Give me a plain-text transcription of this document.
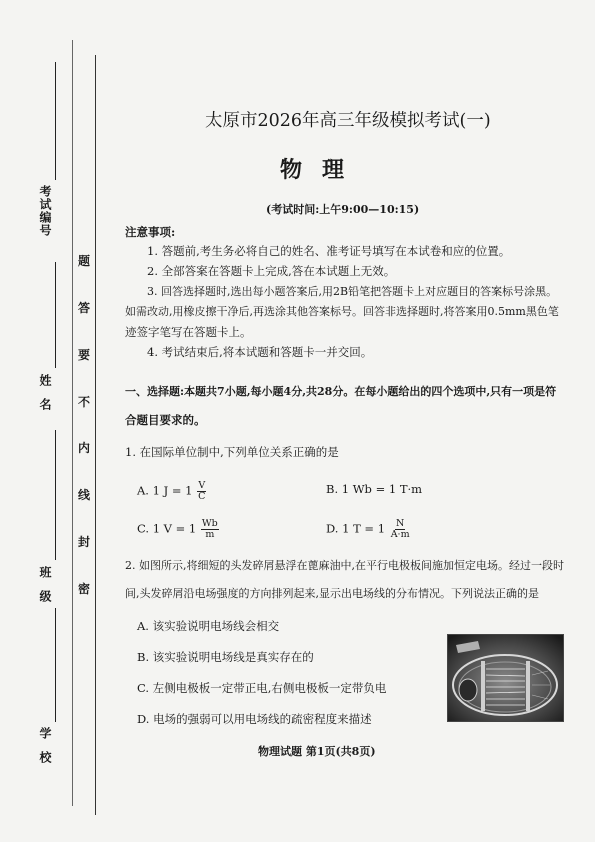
考试编号
姓名
班级
学校
题
答
要
不
内
线
封
密
太原市2026年高三年级模拟考试(一)
物理
(考试时间:上午9:00—10:15)
注意事项:
1. 答题前,考生务必将自己的姓名、准考证号填写在本试卷和应的位置。
2. 全部答案在答题卡上完成,答在本试题上无效。
3. 回答选择题时,选出每小题答案后,用2B铅笔把答题卡上对应题目的答案标号涂黑。
如需改动,用橡皮擦干净后,再选涂其他答案标号。回答非选择题时,将答案用0.5mm黑色笔
迹签字笔写在答题卡上。
4. 考试结束后,将本试题和答题卡一并交回。
一、选择题:本题共7小题,每小题4分,共28分。在每小题给出的四个选项中,只有一项是符
合题目要求的。
1. 在国际单位制中,下列单位关系正确的是
A. 1 $J = 1 \frac{V}{C}$	B. 1 Wb = 1 T·m
C. 1 $V = 1 \frac{Wb}{m}$	D. 1 $T = 1 \frac{N}{A\cdot m}$
2. 如图所示,将细短的头发碎屑悬浮在蓖麻油中,在平行电极板间施加恒定电场。经过一段时
间,头发碎屑沿电场强度的方向排列起来,显示出电场线的分布情况。下列说法正确的是
A. 该实验说明电场线会相交
B. 该实验说明电场线是真实存在的
C. 左侧电极板一定带正电,右侧电极板一定带负电
D. 电场的强弱可以用电场线的疏密程度来描述
物理试题 第1页(共8页)
